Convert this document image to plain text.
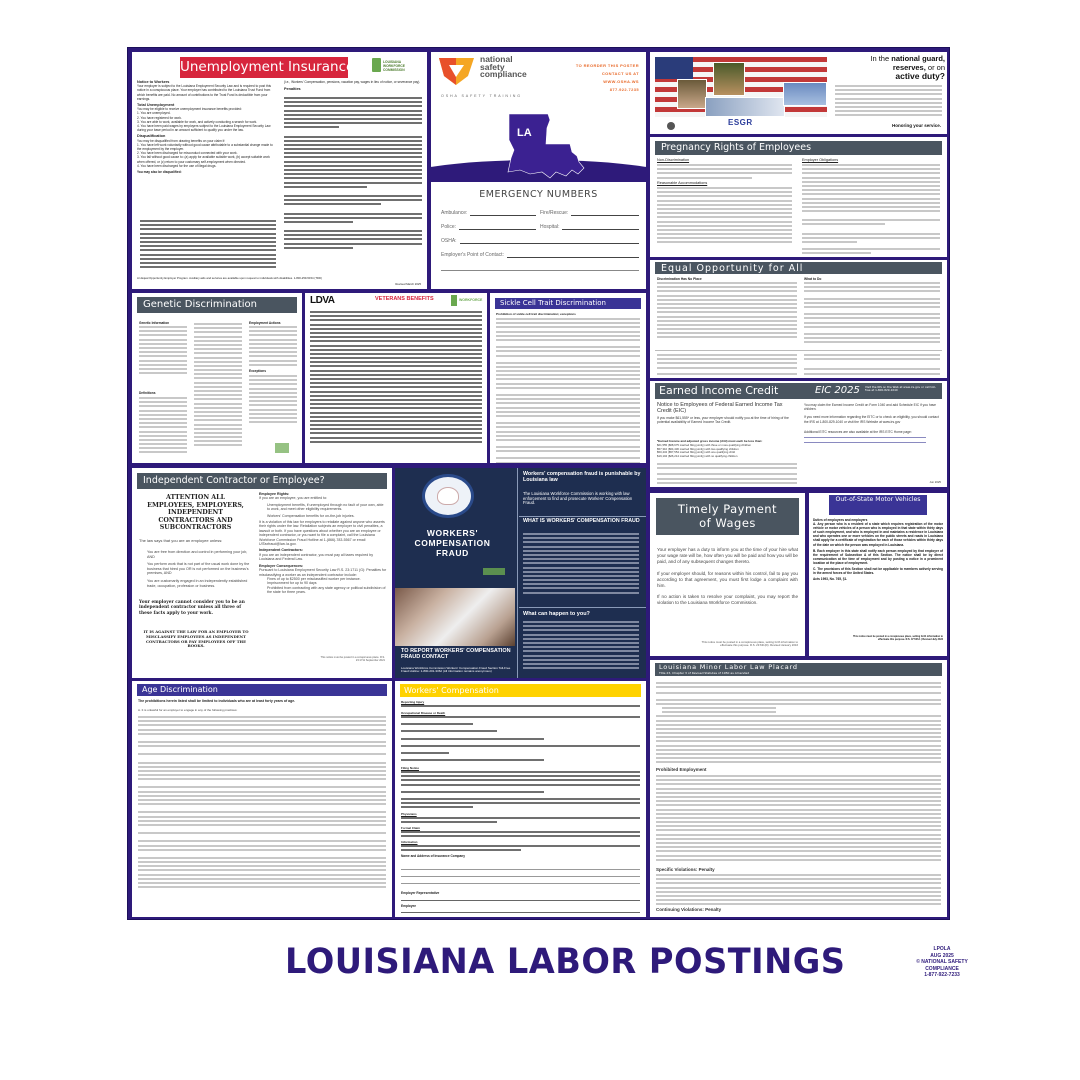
Unemployment Insurance	LOUISIANA WORKFORCE COMMISSION
Notice to Workers
Your employer is subject to the Louisiana Employment Security Law and is required to post this notice in a conspicuous place. Your employer has contributed to the Louisiana Trust Fund from which benefits are paid. No amount of contributions to the Trust Fund is deductible from your earnings.
Total Unemployment
You may be eligible to receive unemployment insurance benefits provided:
1. You are unemployed.
2. You have registered for work.
3. You are able to work, available for work, and actively conducting a search for work.
4. You have been paid wages by employers subject to the Louisiana Employment Security Law during your base period in an amount sufficient to qualify you under the law.
Disqualification
You may be disqualified from drawing benefits on your claim if:
1. You have left work voluntarily without good cause attributable to a substantial change made to the employment by the employer.
2. You have been discharged for misconduct connected with your work.
3. You fail without good cause to: (a) apply for available suitable work, (b) accept suitable work when offered, or (c) return to your customary self-employment when directed.
4. You have been discharged for the use of illegal drugs.
You may also be disqualified:
(i.e., Workers' Compensation, pensions, vacation pay, wages in lieu of notice, or severance pay).
Penalties
An Equal Opportunity Employer Program. Auxiliary aids and services are available upon request to individuals with disabilities. 1-800-259-5154 (TDD)
Revised March 2025
national
safety
compliance
OSHA SAFETY TRAINING
TO REORDER THIS POSTER
CONTACT US AT
WWW.OSHA.WS
877.922.7235
LA
EMERGENCY NUMBERS
Ambulance:	Fire/Rescue:
Police:	Hospital:
OSHA:
Employer's Point of Contact:
In the national guard,
reserves, or on
active duty?
Honoring your service.
ESGR
Pregnancy Rights of Employees
Non-Discrimination
Reasonable Accommodations
Employer Obligations
Genetic Discrimination
Genetic Information
Definitions
Employment Actions
Exceptions
LDVA	VETERANS BENEFITS	WORKFORCE	Sickle Cell Trait Discrimination
Prohibition of sickle cell trait discrimination; exceptions
Equal Opportunity for All
Discrimination Has No Place	What to Do
Earned Income Credit	EIC 2025 Visit the IRS on the Web at www.irs.gov or call toll-free at 1-800-829-1040
Notice to Employees of Federal Earned Income Tax Credit (EIC)
If you make $61,555* or less, your employer should notify you at the time of hiring of the potential availability of Earned Income Tax Credit.
*Earned Income and adjusted gross income (AGI) must each be less than:
$61,555 ($68,675 married filing jointly) with three or more qualifying children
$57,310 ($64,430 married filing jointly) with two qualifying children
$50,434 ($57,554 married filing jointly) with one qualifying child
$19,104 ($26,214 married filing jointly) with no qualifying children
You may claim the Earned Income Credit on Form 1040 and add Schedule EIC if you have children.
If you need more information regarding the EITC or to check on eligibility, you should contact the IRS at 1-800-829-1040 or visit the IRS Website at www.irs.gov
Additional EITC resources are also available at the IRS EITC Home page:
Jun 2025
Independent Contractor or Employee?
ATTENTION ALL EMPLOYEES, EMPLOYERS, INDEPENDENT CONTRACTORS AND SUBCONTRACTORS
The law says that you are an employee unless:
You are free from direction and control in performing your job, AND
You perform work that is not part of the usual work done by the business that hired you OR is not performed on the business's premises, AND
You are customarily engaged in an independently established trade, occupation, profession or business.
Your employer cannot consider you to be an independent contractor unless all three of these facts apply to your work.
IT IS AGAINST THE LAW FOR AN EMPLOYER TO MISCLASSIFY EMPLOYEES AS INDEPENDENT CONTRACTORS OR PAY EMPLOYEES OFF THE BOOKS.
Employee Rights:
If you are an employee, you are entitled to:
Unemployment benefits, if unemployed through no fault of your own, able to work, and meet other eligibility requirements.
Workers' Compensation benefits for on-the-job injuries.
It is a violation of this law for employers to retaliate against anyone who asserts their rights under the law. Retaliation subjects an employer to civil penalties, a lawsuit or both. If you have questions about whether you are an employee or independent contractor, or you want to file a complaint, call the Louisiana Workforce Commission Fraud Hotline at 1-(866)-783-5567 or email UITaxfraud@lwc.la.gov.
Independent Contractors:
If you are an independent contractor, you must pay all taxes required by Louisiana and Federal Law.
Employer Consequences:
Pursuant to Louisiana Employment Security Law R.S. 23:1711 (G): Penalties for misclassifying a worker as an independent contractor include:
Fines of up to $2500 per misclassified worker per instance.
Imprisonment for up to 90 days
Prohibited from contracting with any state agency or political subdivision of the state for three years.
This notice must be posted in a conspicuous place. R.S. 23:1711 September 2021
WORKERS' COMPENSATION FRAUD
TO REPORT WORKERS' COMPENSATION FRAUD CONTACT
Louisiana Workforce Commission Workers' Compensation Fraud Section Toll-Free Fraud Hotline: 1-800-201-3362 (All information remains anonymous)
Workers' compensation fraud is punishable by Louisiana law
The Louisiana Workforce Commission is working with law enforcement to find and prosecute Workers' Compensation Fraud.
WHAT IS WORKERS' COMPENSATION FRAUD
What can happen to you?
Timely Payment
of Wages
Your employer has a duty to inform you at the time of your hire what your wage rate will be, how often you will be paid and how you will be paid, and of any subsequent changes thereto.
If your employer should, for reasons within his control, fail to pay you according to that agreement, you must first lodge a complaint with him.
If no action is taken to resolve your complaint, you may report the violation to the Louisiana Workforce Commission.
This notice must be posted in a conspicuous place, setting forth information to effectuate this purpose. R.S. 23:631(D). Revised January 2016
Out-of-State Motor Vehicles
Duties of employees and employers
A. Any person who is a resident of a state which requires registration of the motor vehicle or motor vehicles of a person who is employed in that state within thirty days of such employment, and who is employed in and maintains a residence in Louisiana and who operates one or more vehicles on the public streets and roads in Louisiana shall apply for a certificate of registration for each of those vehicles within thirty days of the date on which the person was employed in Louisiana.
B. Each employer in this state shall notify each person employed by that employer of the requirement of Subsection A of this Section. The notice shall be by direct communication at the time of employment and by posting a notice in a prominent location at the place of employment.
C. The provisions of this Section shall not be applicable to members actively serving in the armed forces of the United States.
Acts 1993, No. 765, §1.
This notice must be posted in a conspicuous place, setting forth information to effectuate this purpose. R.S. 47:526.1 | Revised July 2024
Age Discrimination
The prohibitions herein listed shall be limited to individuals who are at least forty years of age.
A. It is unlawful for an employer to engage in any of the following practices:
Workers' Compensation
Reporting Injury
Occupational Disease or Death
Filing Notice
Physicians
Formal Claim
Information
Name and Address of Insurance Company
Employer Representative
Employee
Louisiana Minor Labor Law Placard
Title 23, Chapter 3 of Revised Statutes of 1950 as Amended
Prohibited Employment
Specific Violations: Penalty
Continuing Violations: Penalty
LOUISIANA LABOR POSTINGS	LPOLA
AUG 2025
© NATIONAL SAFETY
COMPLIANCE
1-877-922-7233
